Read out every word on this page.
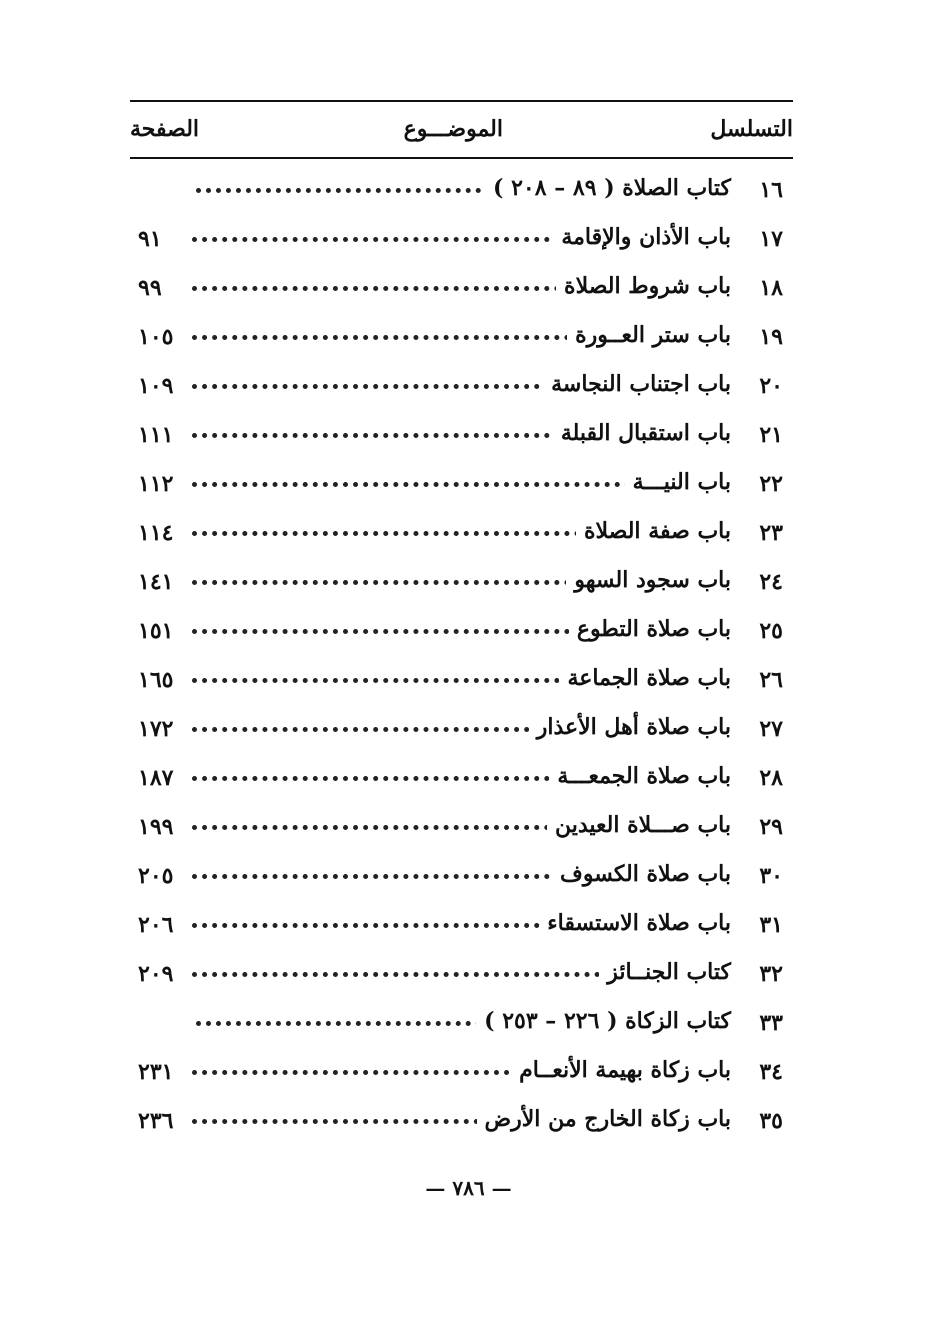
التسلسل
الموضـــوع
الصفحة
١٦
كتاب الصلاة ( ٨٩ – ٢٠٨ )
١٧
باب الأذان والإقامة
٩١
١٨
باب شروط الصلاة
٩٩
١٩
باب ستر العــورة
١٠٥
٢٠
باب اجتناب النجاسة
١٠٩
٢١
باب استقبال القبلة
١١١
٢٢
باب النيـــة
١١٢
٢٣
باب صفة الصلاة
١١٤
٢٤
باب سجود السهو
١٤١
٢٥
باب صلاة التطوع
١٥١
٢٦
باب صلاة الجماعة
١٦٥
٢٧
باب صلاة أهل الأعذار
١٧٢
٢٨
باب صلاة الجمعـــة
١٨٧
٢٩
باب صـــلاة العيدين
١٩٩
٣٠
باب صلاة الكسوف
٢٠٥
٣١
باب صلاة الاستسقاء
٢٠٦
٣٢
كتاب الجنــائز
٢٠٩
٣٣
كتاب الزكاة ( ٢٢٦ – ٢٥٣ )
٣٤
باب زكاة بهيمة الأنعــام
٢٣١
٣٥
باب زكاة الخارج من الأرض
٢٣٦
— ٧٨٦ —
